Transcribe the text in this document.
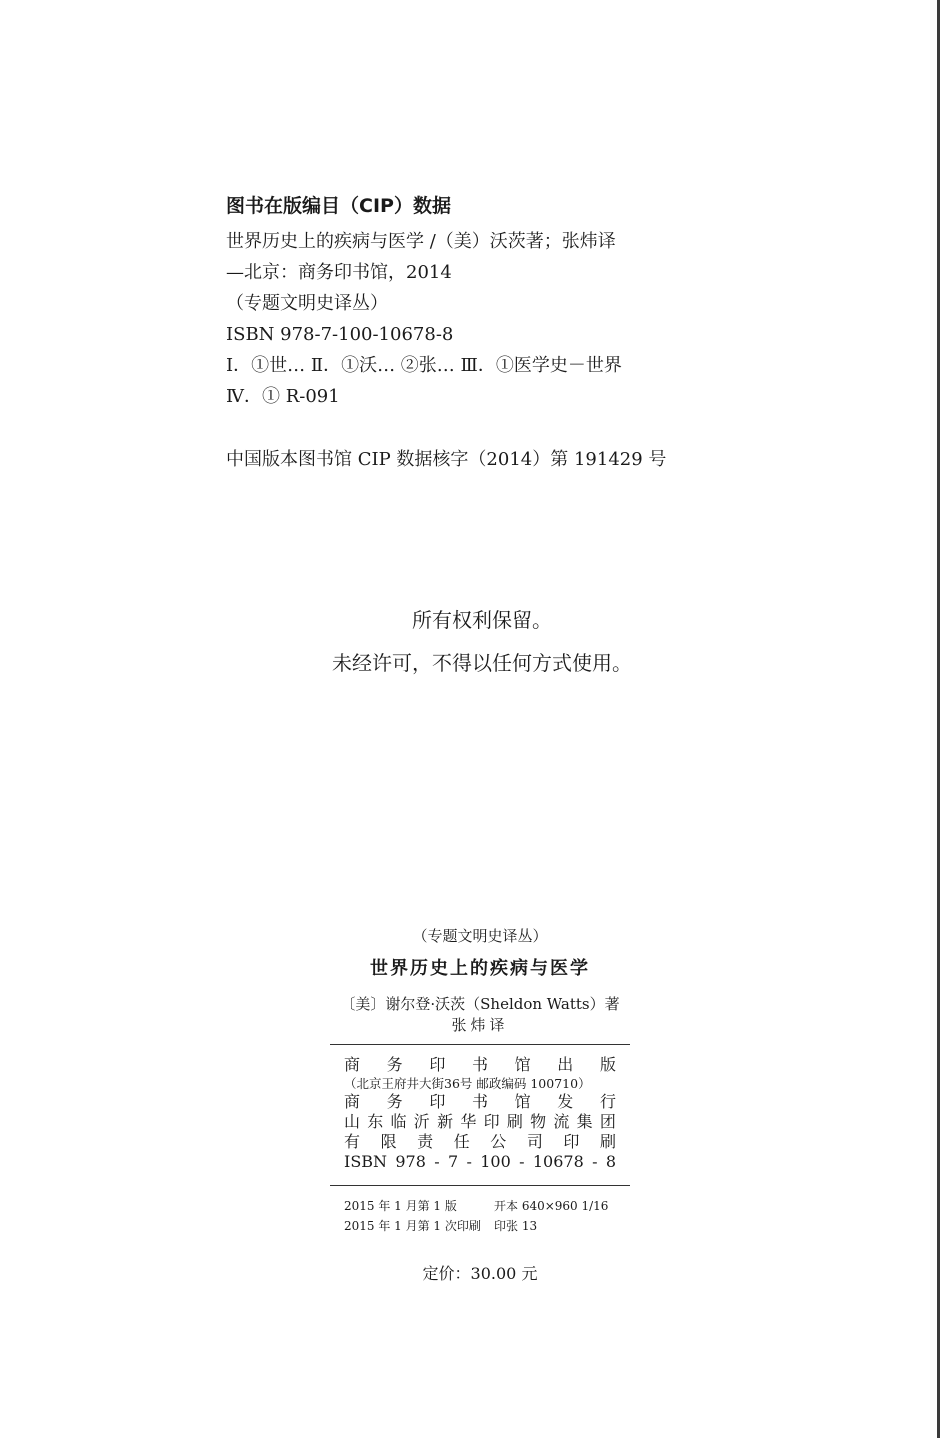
图书在版编目（CIP）数据
世界历史上的疾病与医学 /（美）沃茨著；张炜译
—北京：商务印书馆，2014
（专题文明史译丛）
ISBN 978-7-100-10678-8
Ⅰ．①世… Ⅱ．①沃… ②张… Ⅲ．①医学史－世界
Ⅳ．① R-091
中国版本图书馆 CIP 数据核字（2014）第 191429 号
所有权利保留。
未经许可，不得以任何方式使用。
（专题文明史译丛）
世界历史上的疾病与医学
〔美〕谢尔登·沃茨（Sheldon Watts）著
张炜译
商 务 印 书 馆 出 版
（北京王府井大街36号 邮政编码 100710）
商 务 印 书 馆 发 行
山 东 临 沂 新 华 印 刷 物 流 集 团
有 限 责 任 公 司 印 刷
ISBN 978 - 7 - 100 - 10678 - 8
2015 年 1 月第 1 版	开本 640×960 1/16
2015 年 1 月第 1 次印刷	印张 13
定价：30.00 元
